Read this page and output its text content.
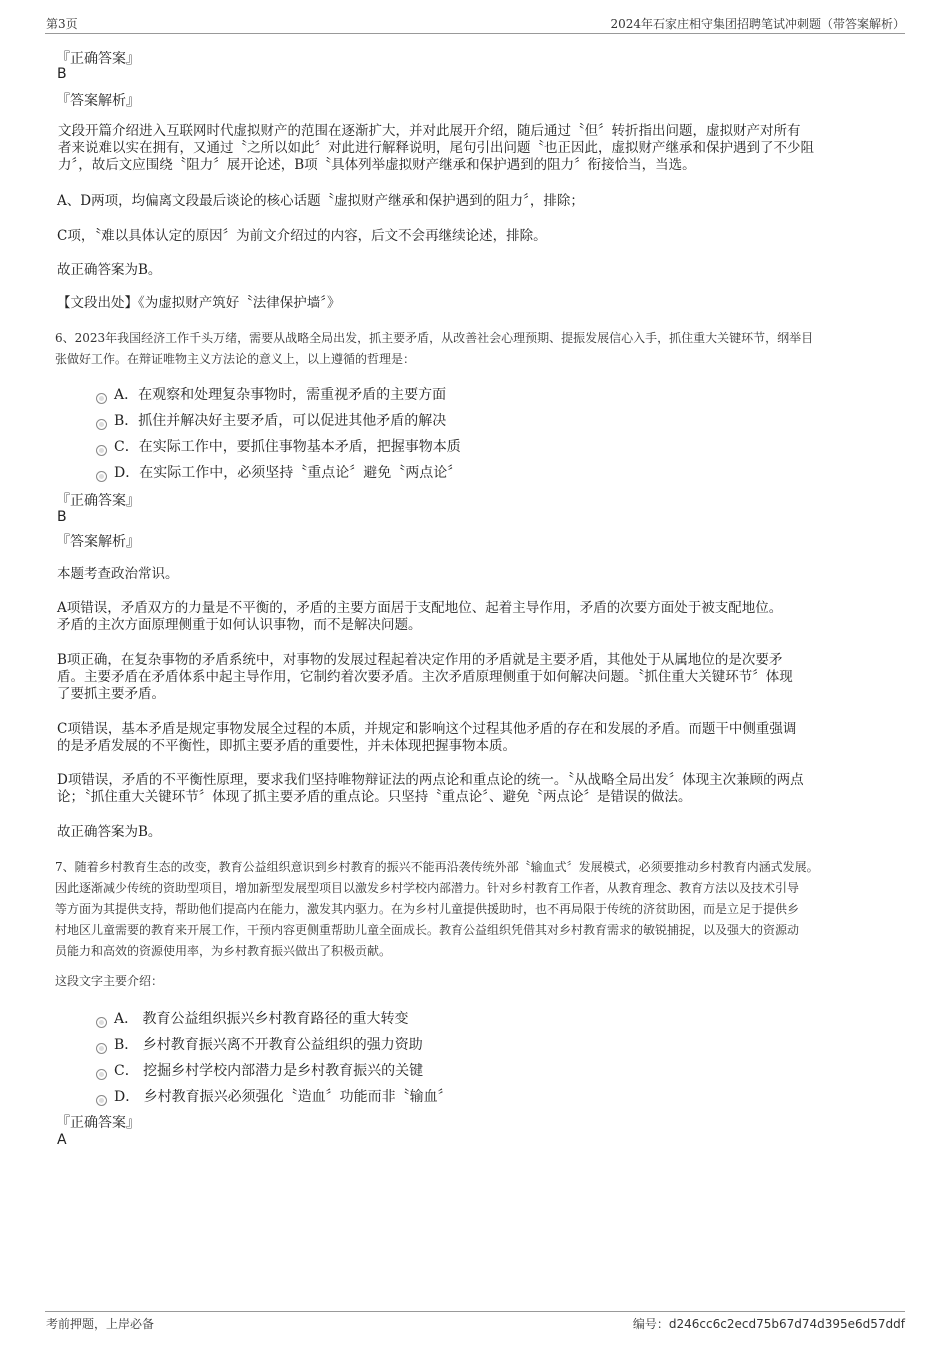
第3页	2024年石家庄相守集团招聘笔试冲刺题（带答案解析）
『正确答案』
B
『答案解析』
文段开篇介绍进入互联网时代虚拟财产的范围在逐渐扩大，并对此展开介绍，随后通过〝但〞转折指出问题，虚拟财产对所有
者来说难以实在拥有，又通过〝之所以如此〞对此进行解释说明，尾句引出问题〝也正因此，虚拟财产继承和保护遇到了不少阻
力〞，故后文应围绕〝阻力〞展开论述，B项〝具体列举虚拟财产继承和保护遇到的阻力〞衔接恰当，当选。
A、D两项，均偏离文段最后谈论的核心话题〝虚拟财产继承和保护遇到的阻力〞，排除；
C项，〝难以具体认定的原因〞为前文介绍过的内容，后文不会再继续论述，排除。
故正确答案为B。
【文段出处】《为虚拟财产筑好〝法律保护墙〞》
6、2023年我国经济工作千头万绪，需要从战略全局出发，抓主要矛盾，从改善社会心理预期、提振发展信心入手，抓住重大关键环节，纲举目
张做好工作。在辩证唯物主义方法论的意义上，以上遵循的哲理是：
A．在观察和处理复杂事物时，需重视矛盾的主要方面
B．抓住并解决好主要矛盾，可以促进其他矛盾的解决
C．在实际工作中，要抓住事物基本矛盾，把握事物本质
D．在实际工作中，必须坚持〝重点论〞避免〝两点论〞
『正确答案』
B
『答案解析』
本题考查政治常识。
A项错误，矛盾双方的力量是不平衡的，矛盾的主要方面居于支配地位、起着主导作用，矛盾的次要方面处于被支配地位。
矛盾的主次方面原理侧重于如何认识事物，而不是解决问题。
B项正确，在复杂事物的矛盾系统中，对事物的发展过程起着决定作用的矛盾就是主要矛盾，其他处于从属地位的是次要矛
盾。主要矛盾在矛盾体系中起主导作用，它制约着次要矛盾。主次矛盾原理侧重于如何解决问题。〝抓住重大关键环节〞体现
了要抓主要矛盾。
C项错误，基本矛盾是规定事物发展全过程的本质，并规定和影响这个过程其他矛盾的存在和发展的矛盾。而题干中侧重强调
的是矛盾发展的不平衡性，即抓主要矛盾的重要性，并未体现把握事物本质。
D项错误，矛盾的不平衡性原理，要求我们坚持唯物辩证法的两点论和重点论的统一。〝从战略全局出发〞体现主次兼顾的两点
论；〝抓住重大关键环节〞体现了抓主要矛盾的重点论。只坚持〝重点论〞、避免〝两点论〞是错误的做法。
故正确答案为B。
7、随着乡村教育生态的改变，教育公益组织意识到乡村教育的振兴不能再沿袭传统外部〝输血式〞发展模式，必须要推动乡村教育内涵式发展。
因此逐渐减少传统的资助型项目，增加新型发展型项目以激发乡村学校内部潜力。针对乡村教育工作者，从教育理念、教育方法以及技术引导
等方面为其提供支持，帮助他们提高内在能力，激发其内驱力。在为乡村儿童提供援助时，也不再局限于传统的济贫助困，而是立足于提供乡
村地区儿童需要的教育来开展工作，干预内容更侧重帮助儿童全面成长。教育公益组织凭借其对乡村教育需求的敏锐捕捉，以及强大的资源动
员能力和高效的资源使用率，为乡村教育振兴做出了积极贡献。
这段文字主要介绍：
A． 教育公益组织振兴乡村教育路径的重大转变
B． 乡村教育振兴离不开教育公益组织的强力资助
C． 挖掘乡村学校内部潜力是乡村教育振兴的关键
D． 乡村教育振兴必须强化〝造血〞功能而非〝输血〞
『正确答案』
A
考前押题，上岸必备	编号：d246cc6c2ecd75b67d74d395e6d57ddf
